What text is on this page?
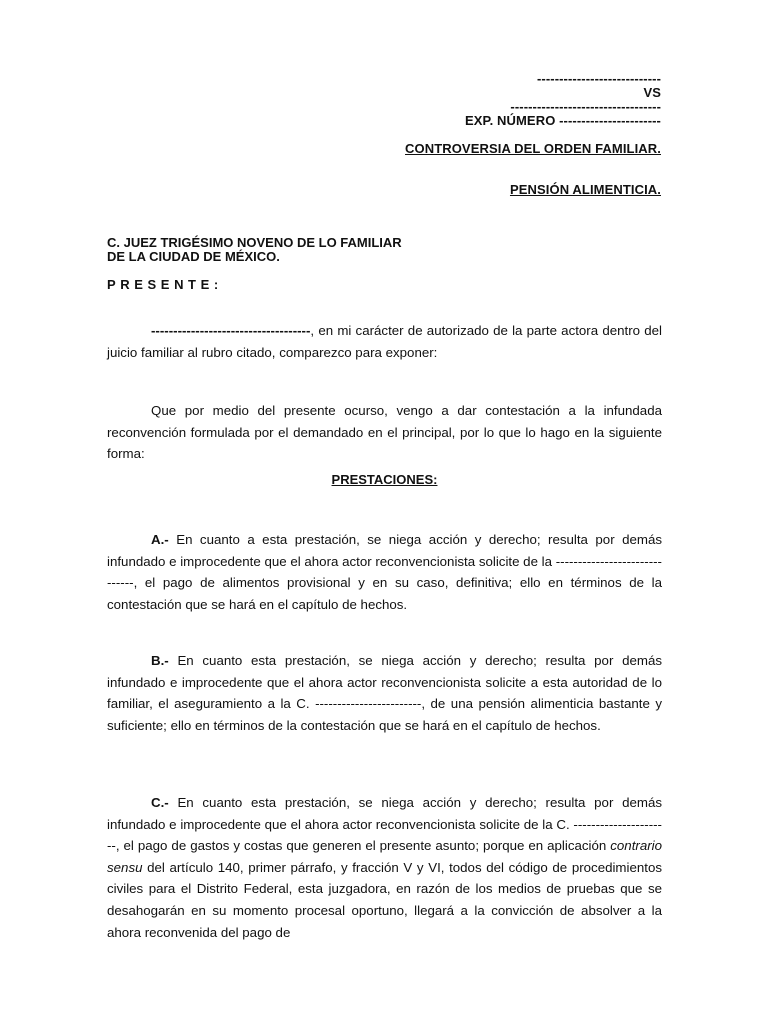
----------------------------
VS
----------------------------------
EXP. NÚMERO -----------------------
CONTROVERSIA DEL ORDEN FAMILIAR.
PENSIÓN ALIMENTICIA.
C. JUEZ TRIGÉSIMO NOVENO DE LO FAMILIAR
DE LA CIUDAD DE MÉXICO.
PRESENTE:
------------------------------------, en mi carácter de autorizado de la parte actora dentro del juicio familiar al rubro citado, comparezco para exponer:
Que por medio del presente ocurso, vengo a dar contestación a la infundada reconvención formulada por el demandado en el principal, por lo que lo hago en la siguiente forma:
PRESTACIONES:
A.- En cuanto a esta prestación, se niega acción y derecho; resulta por demás infundado e improcedente que el ahora actor reconvencionista solicite de la ------------------------------, el pago de alimentos provisional y en su caso, definitiva; ello en términos de la contestación que se hará en el capítulo de hechos.
B.- En cuanto esta prestación, se niega acción y derecho; resulta por demás infundado e improcedente que el ahora actor reconvencionista solicite a esta autoridad de lo familiar, el aseguramiento a la C. ------------------------, de una pensión alimenticia bastante y suficiente; ello en términos de la contestación que se hará en el capítulo de hechos.
C.- En cuanto esta prestación, se niega acción y derecho; resulta por demás infundado e improcedente que el ahora actor reconvencionista solicite de la C. ----------------------, el pago de gastos y costas que generen el presente asunto; porque en aplicación contrario sensu del artículo 140, primer párrafo, y fracción V y VI, todos del código de procedimientos civiles para el Distrito Federal, esta juzgadora, en razón de los medios de pruebas que se desahogarán en su momento procesal oportuno, llegará a la convicción de absolver a la ahora reconvenida del pago de
